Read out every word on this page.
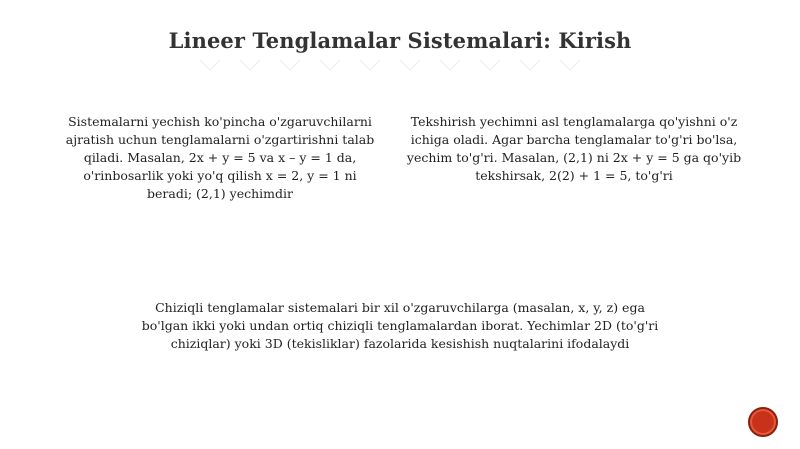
Lineer Tenglamalar Sistemalari: Kirish
Sistemalarni yechish ko'pincha o'zgaruvchilarni ajratish uchun tenglamalarni o'zgartirishni talab qiladi. Masalan, 2x + y = 5 va x – y = 1 da, o'rinbosarlik yoki yo'q qilish x = 2, y = 1 ni beradi; (2,1) yechimdir
Tekshirish yechimni asl tenglamalarga qo'yishni o'z ichiga oladi. Agar barcha tenglamalar to'g'ri bo'lsa, yechim to'g'ri. Masalan, (2,1) ni 2x + y = 5 ga qo'yib tekshirsak, 2(2) + 1 = 5, to'g'ri
Chiziqli tenglamalar sistemalari bir xil o'zgaruvchilarga (masalan, x, y, z) ega bo'lgan ikki yoki undan ortiq chiziqli tenglamalardan iborat. Yechimlar 2D (to'g'ri chiziqlar) yoki 3D (tekisliklar) fazolarida kesishish nuqtalarini ifodalaydi
